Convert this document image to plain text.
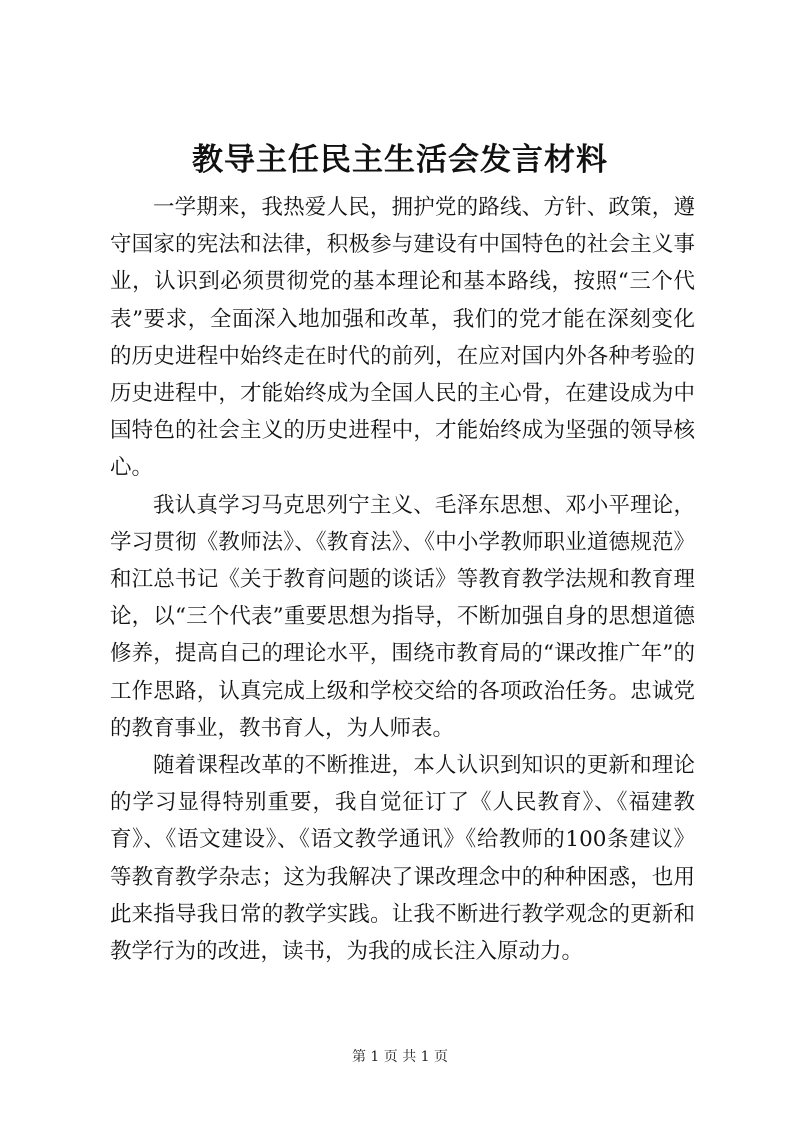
教导主任民主生活会发言材料

一学期来，我热爱人民，拥护党的路线、方针、政策，遵守国家的宪法和法律，积极参与建设有中国特色的社会主义事业，认识到必须贯彻党的基本理论和基本路线，按照“三个代表”要求，全面深入地加强和改革，我们的党才能在深刻变化的历史进程中始终走在时代的前列，在应对国内外各种考验的历史进程中，才能始终成为全国人民的主心骨，在建设成为中国特色的社会主义的历史进程中，才能始终成为坚强的领导核心。

我认真学习马克思列宁主义、毛泽东思想、邓小平理论，学习贯彻《教师法》、《教育法》、《中小学教师职业道德规范》和江总书记《关于教育问题的谈话》等教育教学法规和教育理论，以“三个代表”重要思想为指导，不断加强自身的思想道德修养，提高自己的理论水平，围绕市教育局的“课改推广年”的工作思路，认真完成上级和学校交给的各项政治任务。忠诚党的教育事业，教书育人，为人师表。

随着课程改革的不断推进，本人认识到知识的更新和理论的学习显得特别重要，我自觉征订了《人民教育》、《福建教育》、《语文建设》、《语文教学通讯》《给教师的100条建议》等教育教学杂志；这为我解决了课改理念中的种种困惑，也用此来指导我日常的教学实践。让我不断进行教学观念的更新和教学行为的改进，读书，为我的成长注入原动力。

第 1 页 共 1 页
